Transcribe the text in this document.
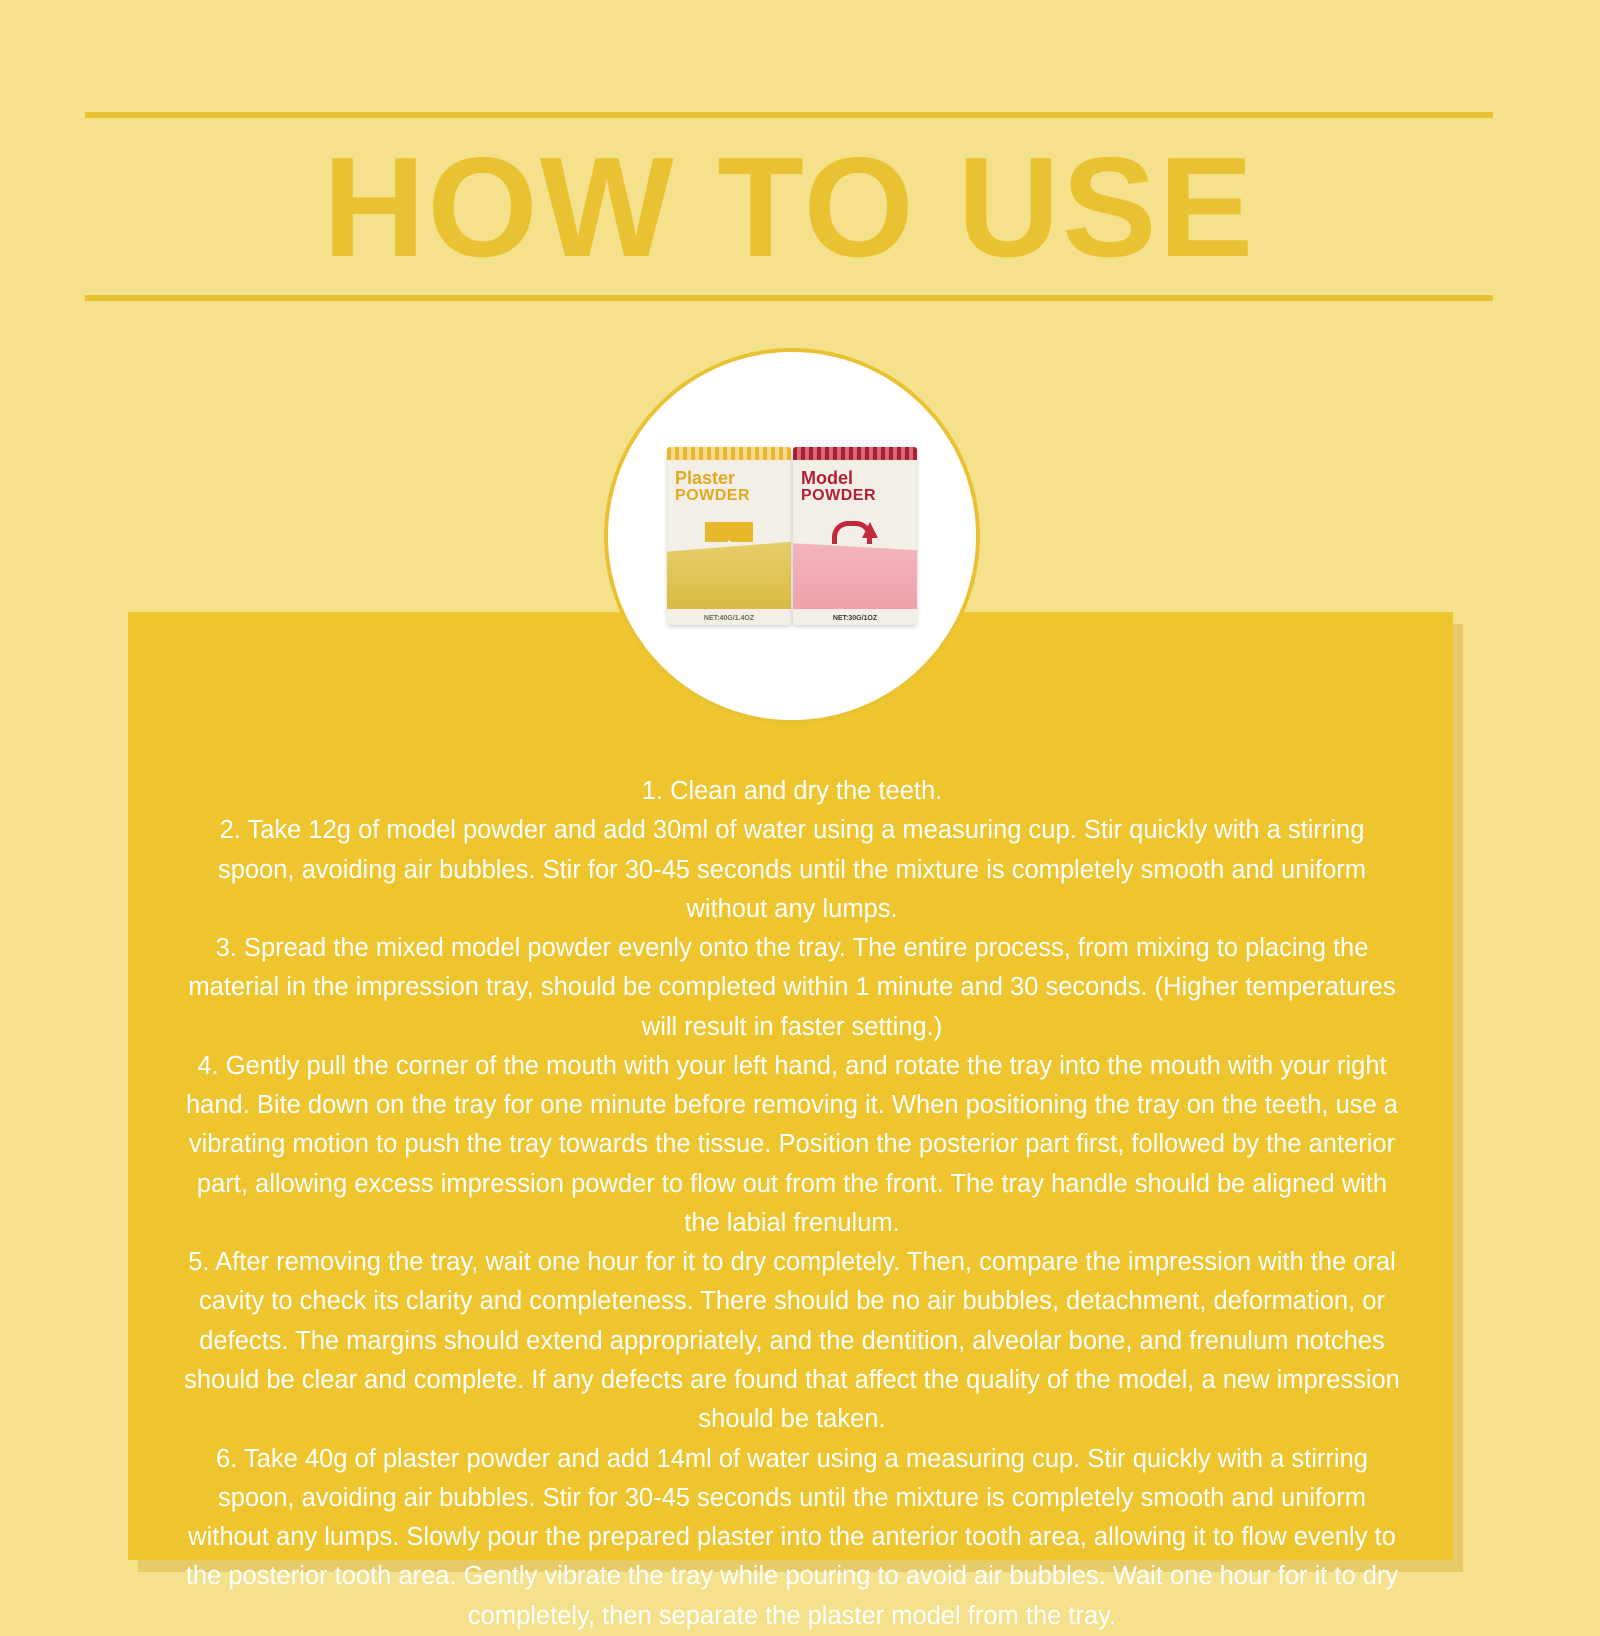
HOW TO USE
Plaster
POWDER
NET:40G/1.4OZ
Model
POWDER
NET:30G/1OZ

1. Clean and dry the teeth.

2. Take 12g of model powder and add 30ml of water using a measuring cup. Stir quickly with a stirring spoon, avoiding air bubbles. Stir for 30-45 seconds until the mixture is completely smooth and uniform without any lumps.

3. Spread the mixed model powder evenly onto the tray. The entire process, from mixing to placing the material in the impression tray, should be completed within 1 minute and 30 seconds. (Higher temperatures will result in faster setting.)

4. Gently pull the corner of the mouth with your left hand, and rotate the tray into the mouth with your right hand. Bite down on the tray for one minute before removing it. When positioning the tray on the teeth, use a vibrating motion to push the tray towards the tissue. Position the posterior part first, followed by the anterior part, allowing excess impression powder to flow out from the front. The tray handle should be aligned with the labial frenulum.

5. After removing the tray, wait one hour for it to dry completely. Then, compare the impression with the oral cavity to check its clarity and completeness. There should be no air bubbles, detachment, deformation, or defects. The margins should extend appropriately, and the dentition, alveolar bone, and frenulum notches should be clear and complete. If any defects are found that affect the quality of the model, a new impression should be taken.

6. Take 40g of plaster powder and add 14ml of water using a measuring cup. Stir quickly with a stirring spoon, avoiding air bubbles. Stir for 30-45 seconds until the mixture is completely smooth and uniform without any lumps. Slowly pour the prepared plaster into the anterior tooth area, allowing it to flow evenly to the posterior tooth area. Gently vibrate the tray while pouring to avoid air bubbles. Wait one hour for it to dry completely, then separate the plaster model from the tray.
